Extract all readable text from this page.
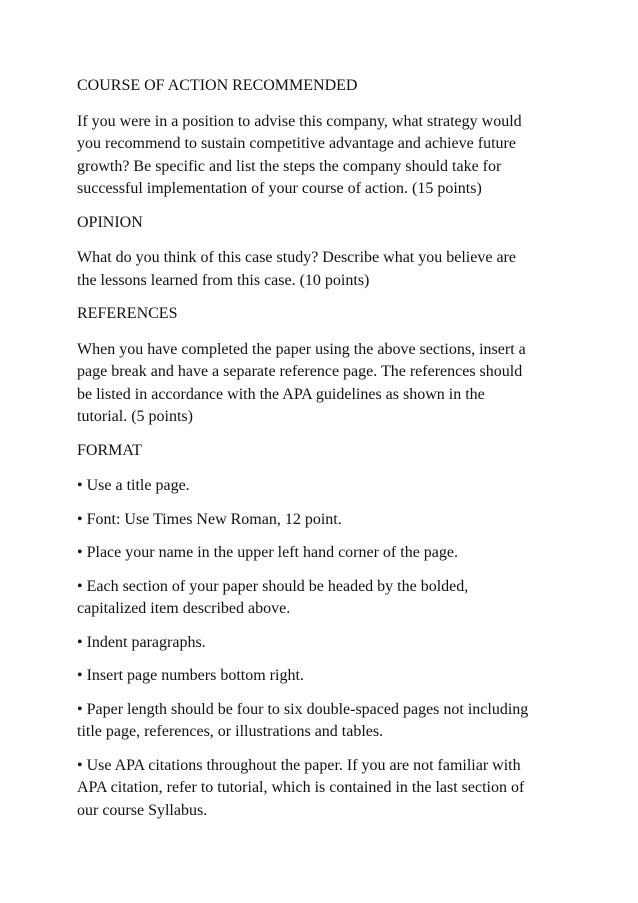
COURSE OF ACTION RECOMMENDED
If you were in a position to advise this company, what strategy would
you recommend to sustain competitive advantage and achieve future
growth? Be specific and list the steps the company should take for
successful implementation of your course of action. (15 points)
OPINION
What do you think of this case study? Describe what you believe are
the lessons learned from this case. (10 points)
REFERENCES
When you have completed the paper using the above sections, insert a
page break and have a separate reference page. The references should
be listed in accordance with the APA guidelines as shown in the
tutorial. (5 points)
FORMAT
• Use a title page.
• Font: Use Times New Roman, 12 point.
• Place your name in the upper left hand corner of the page.
• Each section of your paper should be headed by the bolded,
capitalized item described above.
• Indent paragraphs.
• Insert page numbers bottom right.
• Paper length should be four to six double-spaced pages not including
title page, references, or illustrations and tables.
• Use APA citations throughout the paper. If you are not familiar with
APA citation, refer to tutorial, which is contained in the last section of
our course Syllabus.
